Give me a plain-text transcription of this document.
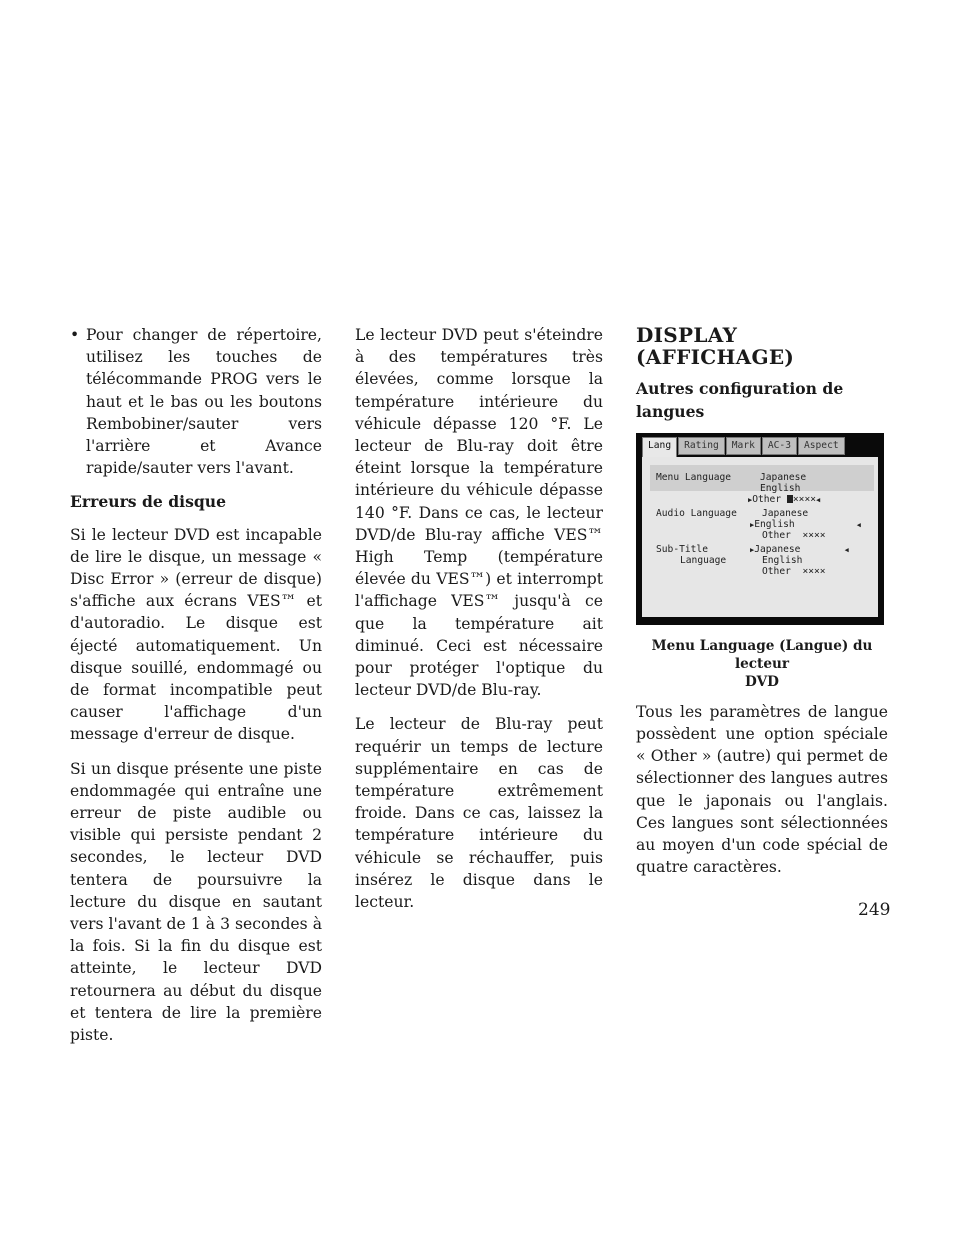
• Pour changer de répertoire, utilisez les touches de télécommande PROG vers le haut et le bas ou les boutons Rembobiner/sauter vers l'arrière et Avance rapide/sauter vers l'avant.
Erreurs de disque

Si le lecteur DVD est incapable de lire le disque, un message « Disc Error » (erreur de disque) s'affiche aux écrans VES™ et d'autoradio. Le disque est éjecté automatiquement. Un disque souillé, endommagé ou de format incompatible peut causer l'affichage d'un message d'erreur de disque.

Si un disque présente une piste endommagée qui entraîne une erreur de piste audible ou visible qui persiste pendant 2 secondes, le lecteur DVD tentera de poursuivre la lecture du disque en sautant vers l'avant de 1 à 3 secondes à la fois. Si la fin du disque est atteinte, le lecteur DVD retournera au début du disque et tentera de lire la première piste.

Le lecteur DVD peut s'éteindre à des températures très élevées, comme lorsque la température intérieure du véhicule dépasse 120 °F. Le lecteur de Blu-ray doit être éteint lorsque la température intérieure du véhicule dépasse 140 °F. Dans ce cas, le lecteur DVD/de Blu-ray affiche VES™ High Temp (température élevée du VES™) et interrompt l'affichage VES™ jusqu'à ce que la température ait diminué. Ceci est nécessaire pour protéger l'optique du lecteur DVD/de Blu-ray.

Le lecteur de Blu-ray peut requérir un temps de lecture supplémentaire en cas de température extrêmement froide. Dans ce cas, laissez la température intérieure du véhicule se réchauffer, puis insérez le disque dans le lecteur.

DISPLAY (AFFICHAGE)
Autres configuration de langues
Lang	Rating	Mark	AC-3	Aspect
Menu Language	Japanese
English
▶ Other ×××× ◀
Audio Language	Japanese
▶ English ◀
Other ××××
Sub-Title
Language
▶ Japanese ◀
English
Other ××××
Menu Language (Langue) du lecteur
DVD

Tous les paramètres de langue possèdent une option spéciale « Other » (autre) qui permet de sélectionner des langues autres que le japonais ou l'anglais. Ces langues sont sélectionnées au moyen d'un code spécial de quatre caractères.

249
